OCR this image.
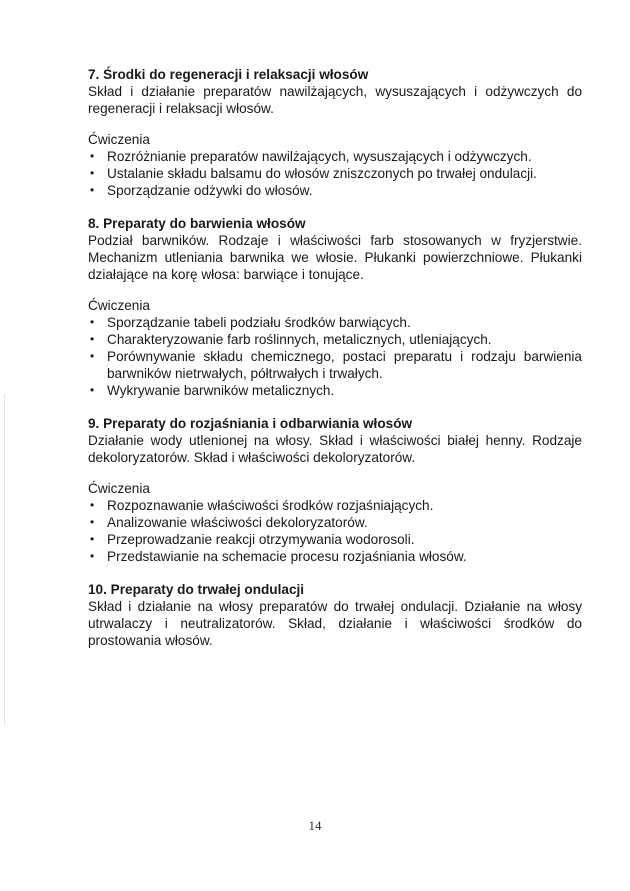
7. Środki do regeneracji i relaksacji włosów

Skład i działanie preparatów nawilżających, wysuszających i odżywczych do regeneracji i relaksacji włosów.

Ćwiczenia

• Rozróżnianie preparatów nawilżających, wysuszających i odżywczych.
• Ustalanie składu balsamu do włosów zniszczonych po trwałej ondulacji.
• Sporządzanie odżywki do włosów.

8. Preparaty do barwienia włosów

Podział barwników. Rodzaje i właściwości farb stosowanych w fryzjerstwie. Mechanizm utleniania barwnika we włosie. Płukanki powierzchniowe. Płukanki działające na korę włosa: barwiące i tonujące.

Ćwiczenia

• Sporządzanie tabeli podziału środków barwiących.
• Charakteryzowanie farb roślinnych, metalicznych, utleniających.
• Porównywanie składu chemicznego, postaci preparatu i rodzaju barwienia barwników nietrwałych, półtrwałych i trwałych.
• Wykrywanie barwników metalicznych.

9. Preparaty do rozjaśniania i odbarwiania włosów

Działanie wody utlenionej na włosy. Skład i właściwości białej henny. Rodzaje dekoloryzatorów. Skład i właściwości dekoloryzatorów.

Ćwiczenia

• Rozpoznawanie właściwości środków rozjaśniających.
• Analizowanie właściwości dekoloryzatorów.
• Przeprowadzanie reakcji otrzymywania wodorosoli.
• Przedstawianie na schemacie procesu rozjaśniania włosów.

10. Preparaty do trwałej ondulacji

Skład i działanie na włosy preparatów do trwałej ondulacji. Działanie na włosy utrwalaczy i neutralizatorów. Skład, działanie i właściwości środków do prostowania włosów.

14
